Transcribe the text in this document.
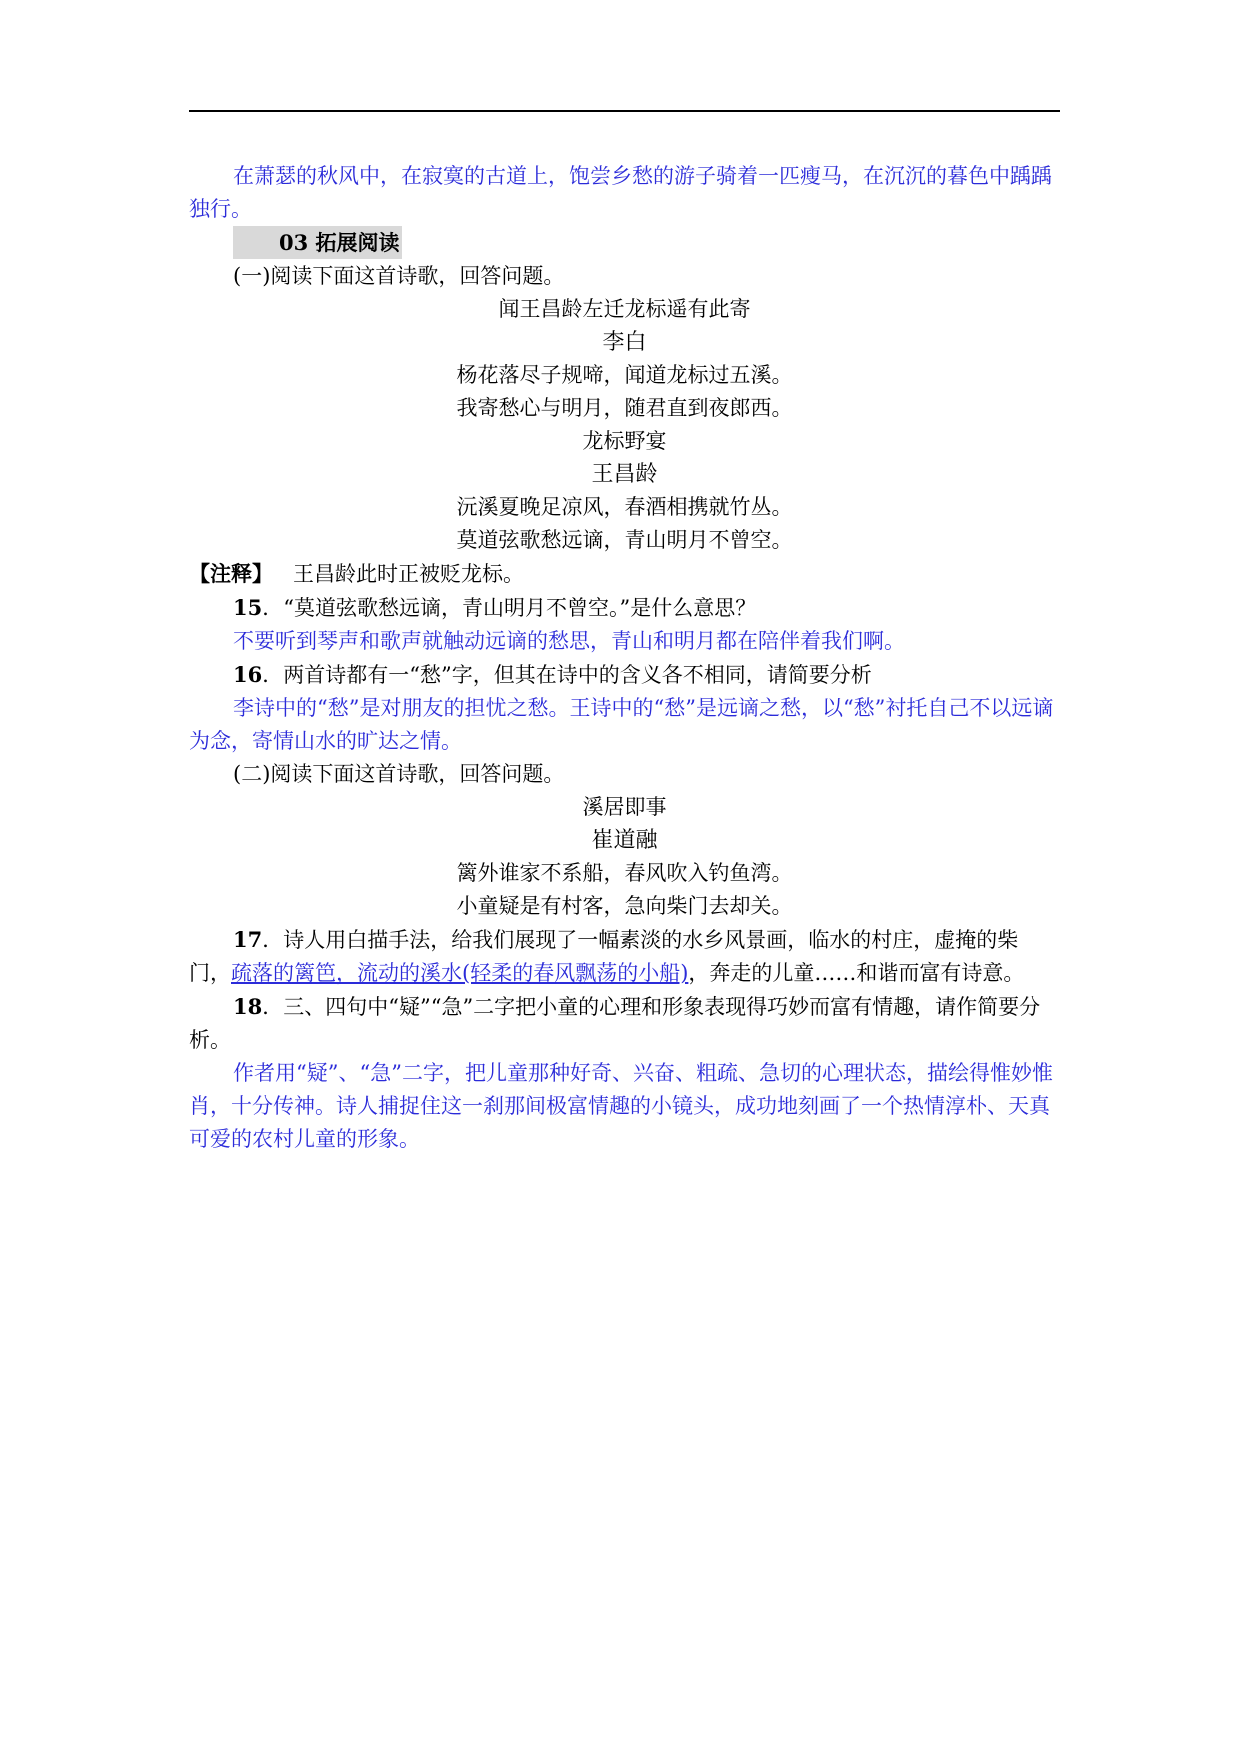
在萧瑟的秋风中，在寂寞的古道上，饱尝乡愁的游子骑着一匹瘦马，在沉沉的暮色中踽踽独行。

03 拓展阅读

(一)阅读下面这首诗歌，回答问题。

闻王昌龄左迁龙标遥有此寄

李白

杨花落尽子规啼，闻道龙标过五溪。

我寄愁心与明月，随君直到夜郎西。

龙标野宴

王昌龄

沅溪夏晚足凉风，春酒相携就竹丛。

莫道弦歌愁远谪，青山明月不曾空。

【注释】 王昌龄此时正被贬龙标。

15．“莫道弦歌愁远谪，青山明月不曾空。”是什么意思？

不要听到琴声和歌声就触动远谪的愁思，青山和明月都在陪伴着我们啊。

16．两首诗都有一“愁”字，但其在诗中的含义各不相同，请简要分析

李诗中的“愁”是对朋友的担忧之愁。王诗中的“愁”是远谪之愁，以“愁”衬托自己不以远谪为念，寄情山水的旷达之情。

(二)阅读下面这首诗歌，回答问题。

溪居即事

崔道融

篱外谁家不系船，春风吹入钓鱼湾。

小童疑是有村客，急向柴门去却关。

17．诗人用白描手法，给我们展现了一幅素淡的水乡风景画，临水的村庄，虚掩的柴门，疏落的篱笆，流动的溪水(轻柔的春风飘荡的小船)，奔走的儿童……和谐而富有诗意。

18．三、四句中“疑”“急”二字把小童的心理和形象表现得巧妙而富有情趣，请作简要分析。

作者用“疑”、“急”二字，把儿童那种好奇、兴奋、粗疏、急切的心理状态，描绘得惟妙惟肖，十分传神。诗人捕捉住这一刹那间极富情趣的小镜头，成功地刻画了一个热情淳朴、天真可爱的农村儿童的形象。
